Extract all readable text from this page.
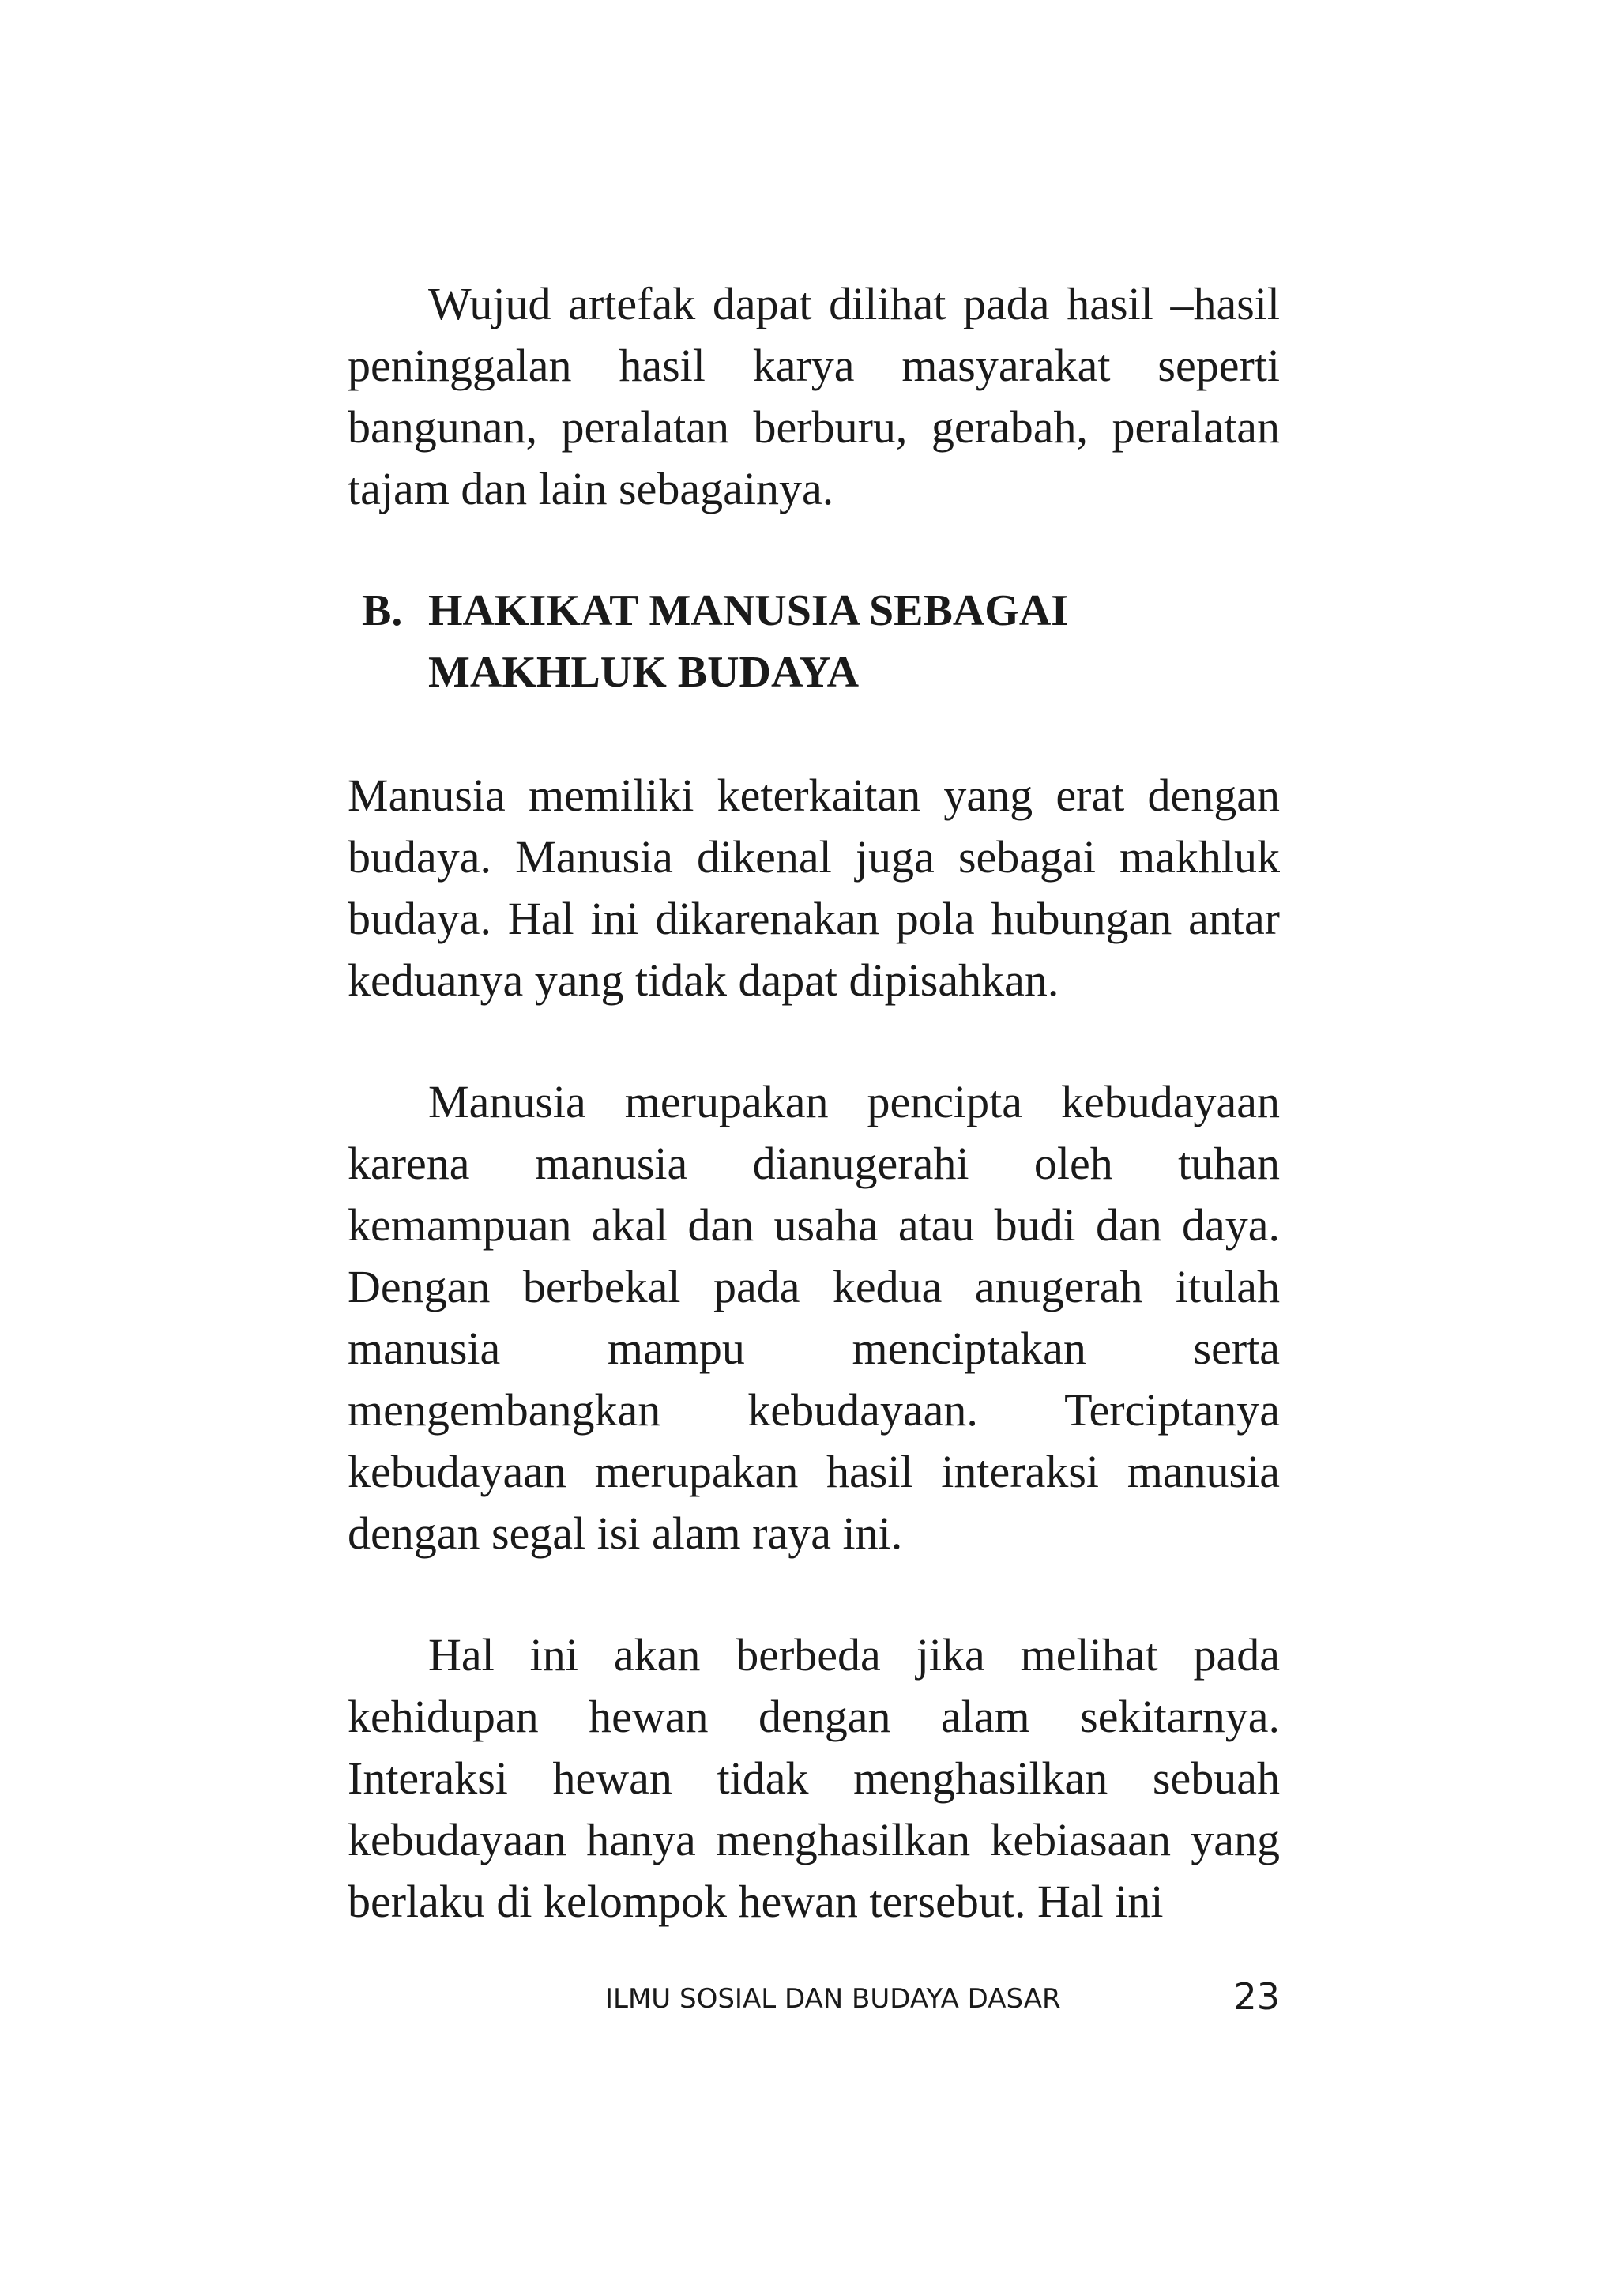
Wujud artefak dapat dilihat pada hasil –hasil peninggalan hasil karya masyarakat seperti bangunan, peralatan berburu, gerabah, peralatan tajam dan lain sebagainya.

B. HAKIKAT MANUSIA SEBAGAI MAKHLUK BUDAYA

Manusia memiliki keterkaitan yang erat dengan budaya. Manusia dikenal juga sebagai makhluk budaya. Hal ini dikarenakan pola hubungan antar keduanya yang tidak dapat dipisahkan.

Manusia merupakan pencipta kebudayaan karena manusia dianugerahi oleh tuhan kemampuan akal dan usaha atau budi dan daya. Dengan berbekal pada kedua anugerah itulah manusia mampu menciptakan serta mengembangkan kebudayaan. Terciptanya kebudayaan merupakan hasil interaksi manusia dengan segal isi alam raya ini.

Hal ini akan berbeda jika melihat pada kehidupan hewan dengan alam sekitarnya. Interaksi hewan tidak menghasilkan sebuah kebudayaan hanya menghasilkan kebiasaan yang berlaku di kelompok hewan tersebut. Hal ini

ILMU SOSIAL DAN BUDAYA DASAR	23
